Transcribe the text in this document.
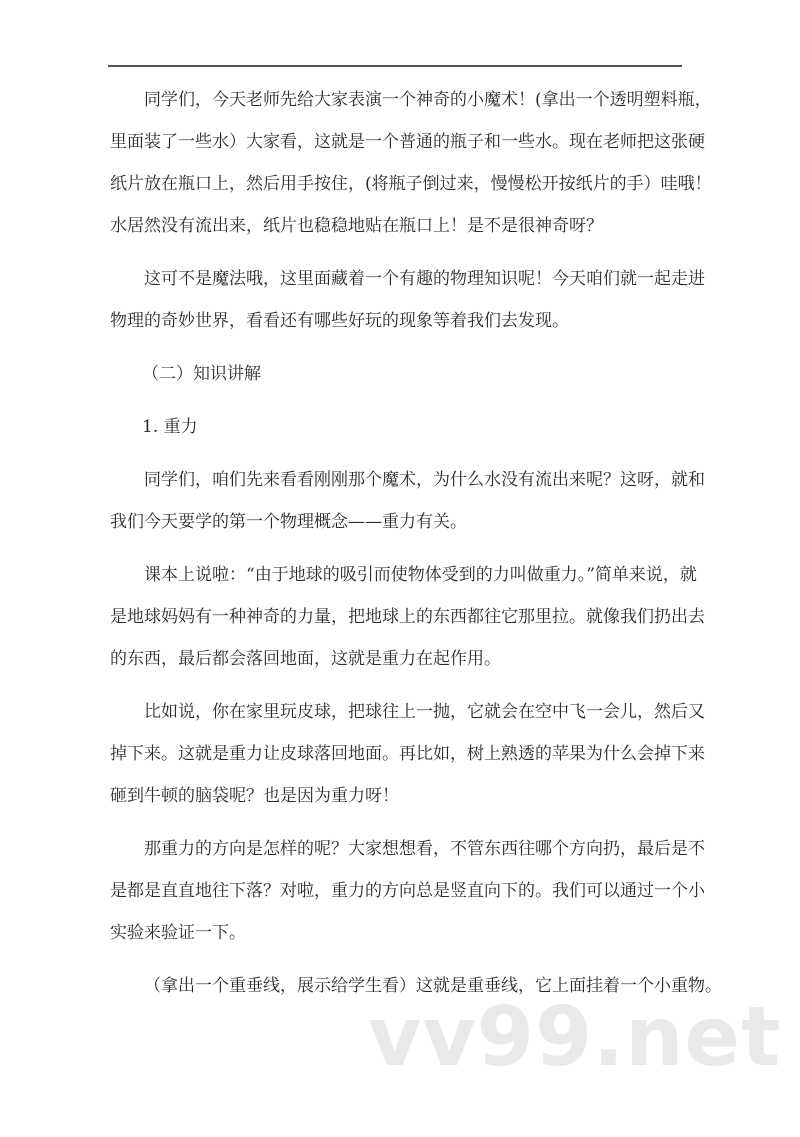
同学们，今天老师先给大家表演一个神奇的小魔术！(拿出一个透明塑料瓶，
里面装了一些水）大家看，这就是一个普通的瓶子和一些水。现在老师把这张硬
纸片放在瓶口上，然后用手按住，(将瓶子倒过来，慢慢松开按纸片的手）哇哦！
水居然没有流出来，纸片也稳稳地贴在瓶口上！是不是很神奇呀？
这可不是魔法哦，这里面藏着一个有趣的物理知识呢！今天咱们就一起走进
物理的奇妙世界，看看还有哪些好玩的现象等着我们去发现。
（二）知识讲解
1. 重力
同学们，咱们先来看看刚刚那个魔术，为什么水没有流出来呢？这呀，就和
我们今天要学的第一个物理概念——重力有关。
课本上说啦：“由于地球的吸引而使物体受到的力叫做重力。”简单来说，就
是地球妈妈有一种神奇的力量，把地球上的东西都往它那里拉。就像我们扔出去
的东西，最后都会落回地面，这就是重力在起作用。
比如说，你在家里玩皮球，把球往上一抛，它就会在空中飞一会儿，然后又
掉下来。这就是重力让皮球落回地面。再比如，树上熟透的苹果为什么会掉下来
砸到牛顿的脑袋呢？也是因为重力呀！
那重力的方向是怎样的呢？大家想想看，不管东西往哪个方向扔，最后是不
是都是直直地往下落？对啦，重力的方向总是竖直向下的。我们可以通过一个小
实验来验证一下。
（拿出一个重垂线，展示给学生看）这就是重垂线，它上面挂着一个小重物。
vv99.net
